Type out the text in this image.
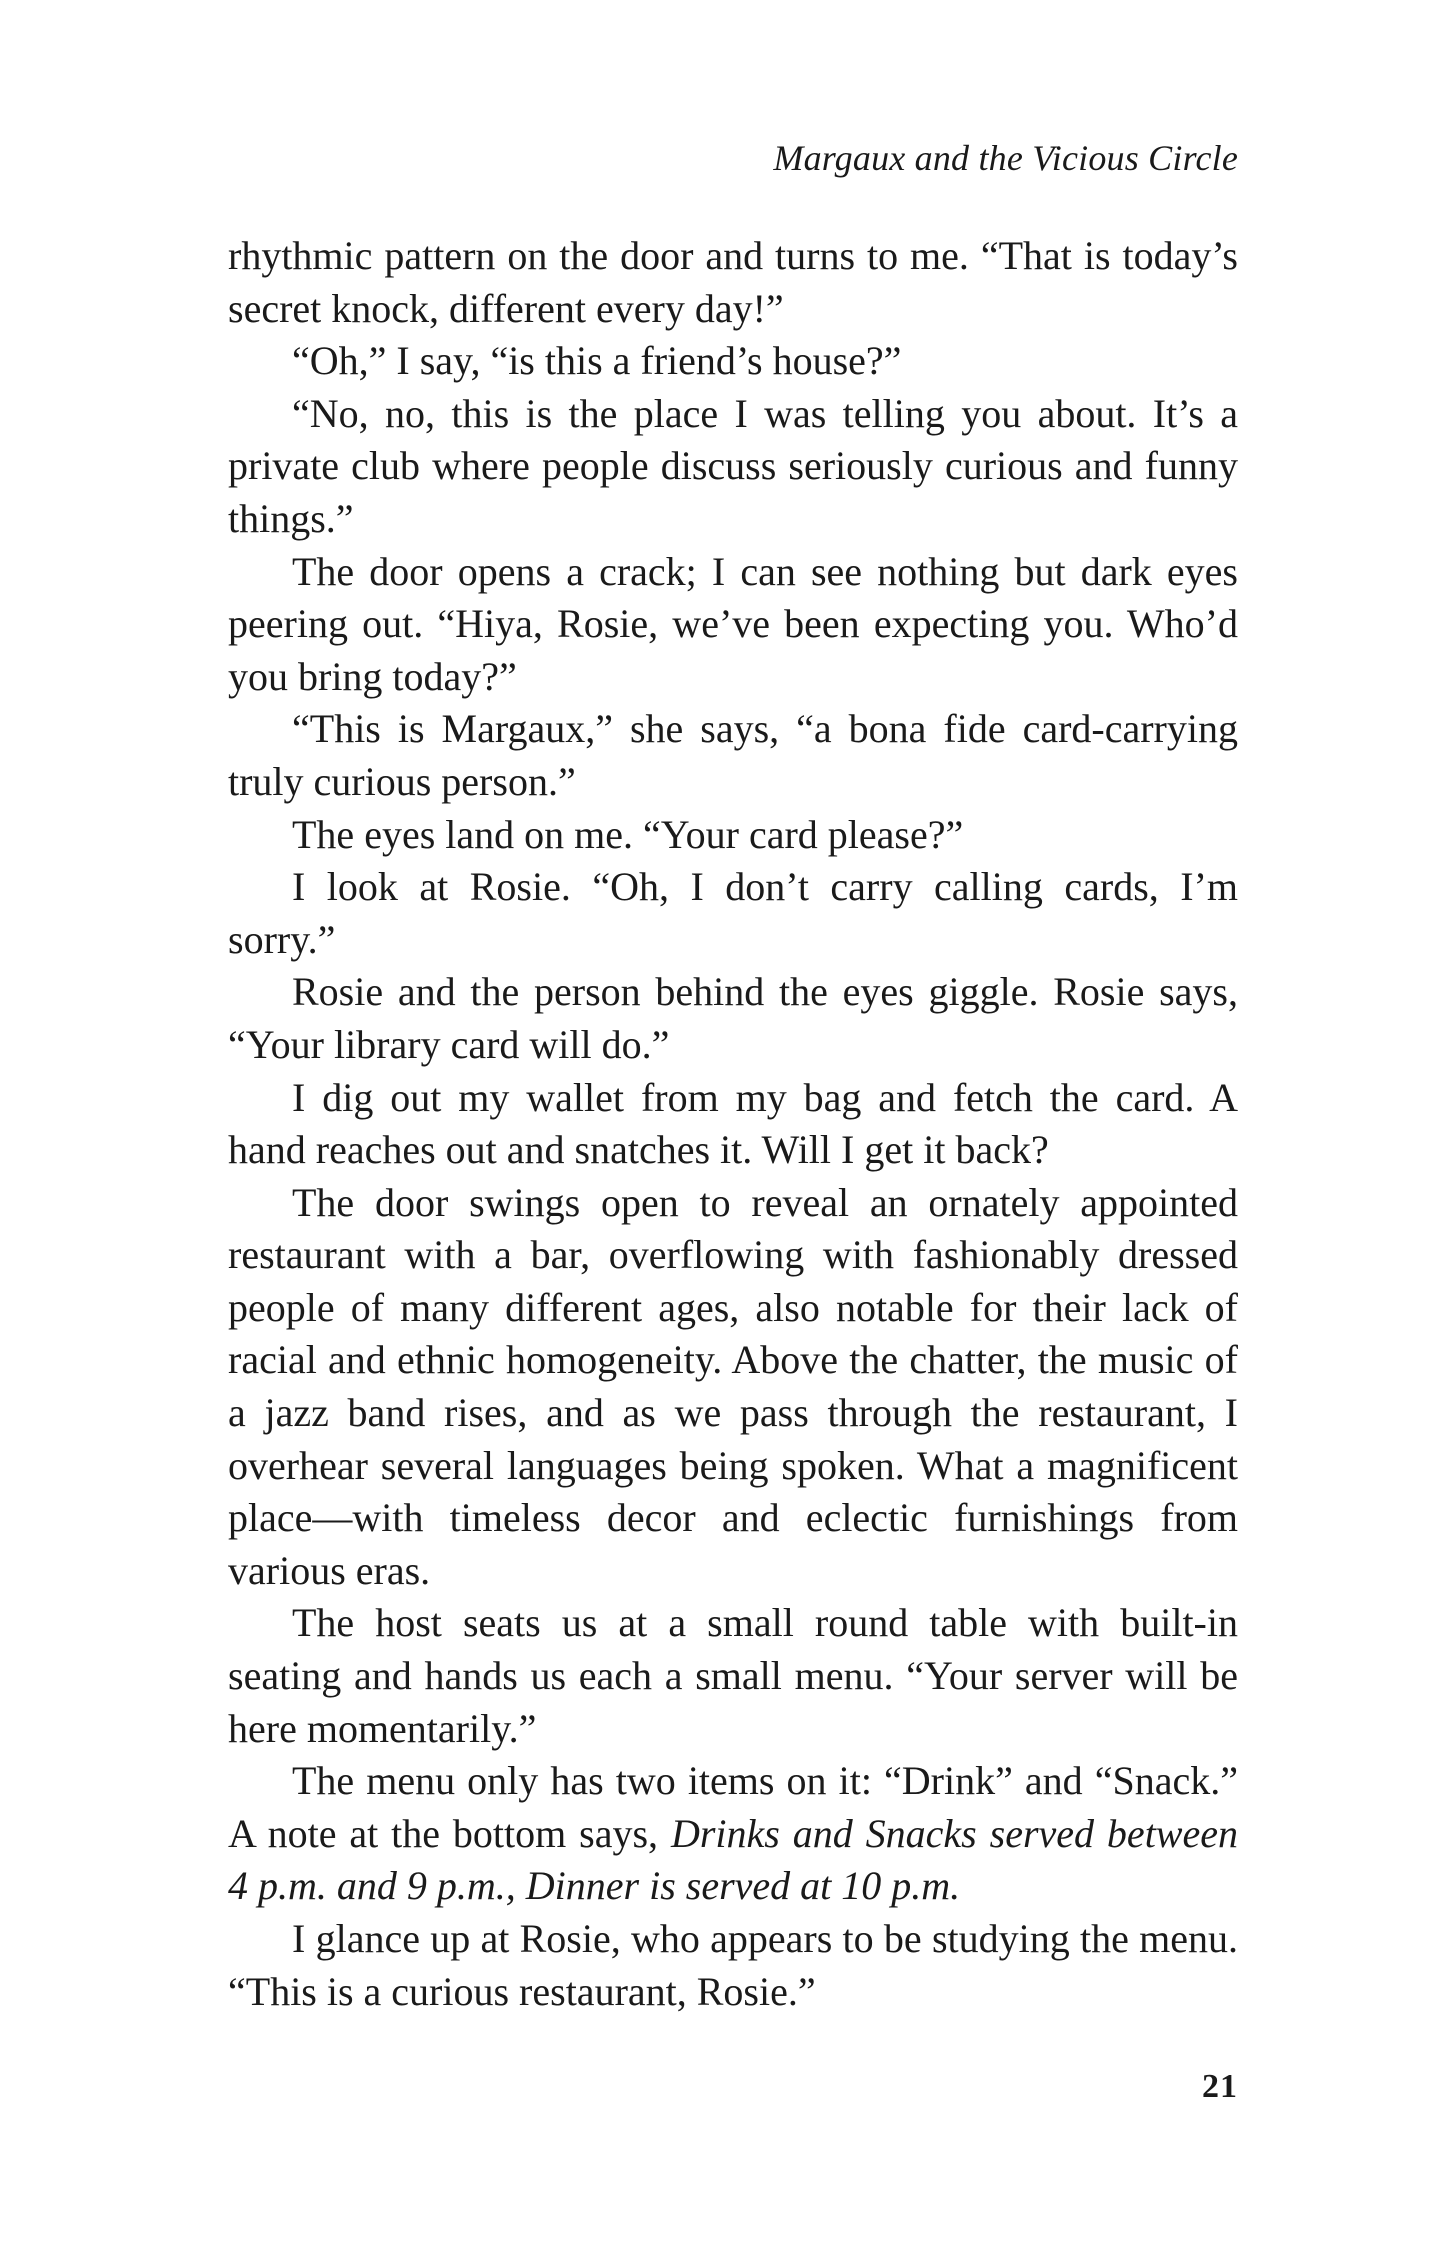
Margaux and the Vicious Circle

rhythmic pattern on the door and turns to me. “That is today’s secret knock, different every day!”

“Oh,” I say, “is this a friend’s house?”

“No, no, this is the place I was telling you about. It’s a private club where people discuss seriously curious and funny things.”

The door opens a crack; I can see nothing but dark eyes peering out. “Hiya, Rosie, we’ve been expecting you. Who’d you bring today?”

“This is Margaux,” she says, “a bona fide card-carrying truly curious person.”

The eyes land on me. “Your card please?”

I look at Rosie. “Oh, I don’t carry calling cards, I’m sorry.”

Rosie and the person behind the eyes giggle. Rosie says, “Your library card will do.”

I dig out my wallet from my bag and fetch the card. A hand reaches out and snatches it. Will I get it back?

The door swings open to reveal an ornately appointed restaurant with a bar, overflowing with fashionably dressed people of many different ages, also notable for their lack of racial and ethnic homogeneity. Above the chatter, the music of a jazz band rises, and as we pass through the restaurant, I overhear several languages being spoken. What a magnificent place—with timeless decor and eclectic furnishings from various eras.

The host seats us at a small round table with built-in seating and hands us each a small menu. “Your server will be here momentarily.”

The menu only has two items on it: “Drink” and “Snack.” A note at the bottom says, Drinks and Snacks served between 4 p.m. and 9 p.m., Dinner is served at 10 p.m.

I glance up at Rosie, who appears to be studying the menu. “This is a curious restaurant, Rosie.”

21
